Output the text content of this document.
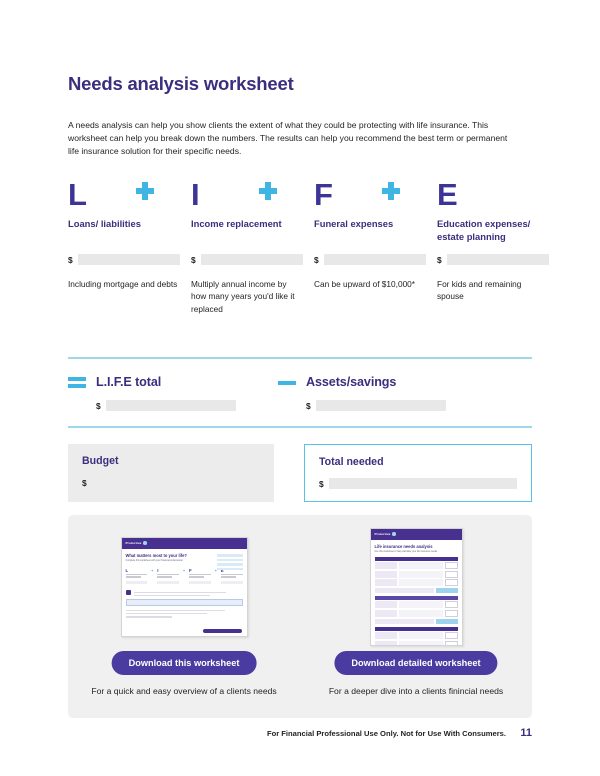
Needs analysis worksheet
A needs analysis can help you show clients the extent of what they could be protecting with life insurance. This worksheet can help you break down the numbers. The results can help you recommend the best term or permanent life insurance solution for their specific needs.
L
Loans/ liabilities
$
Including mortgage and debts
I
Income replacement
$
Multiply annual income by how many years you'd like it replaced
F
Funeral expenses
$
Can be upward of $10,000*
E
Education expenses/ estate planning
$
For kids and remaining spouse
L.I.F.E total
$
Assets/savings
$
Budget
$
Total needed
$
Protective
What matters most to your life?
Complete this worksheet with your financial professional
L	+ I	+ F
Download this worksheet
For a quick and easy overview of a clients needs
Protective
Life insurance needs analysis
Use this worksheet to help calculate your life insurance needs
Download detailed worksheet
For a deeper dive into a clients finincial needs
For Financial Professional Use Only. Not for Use With Consumers. 11
